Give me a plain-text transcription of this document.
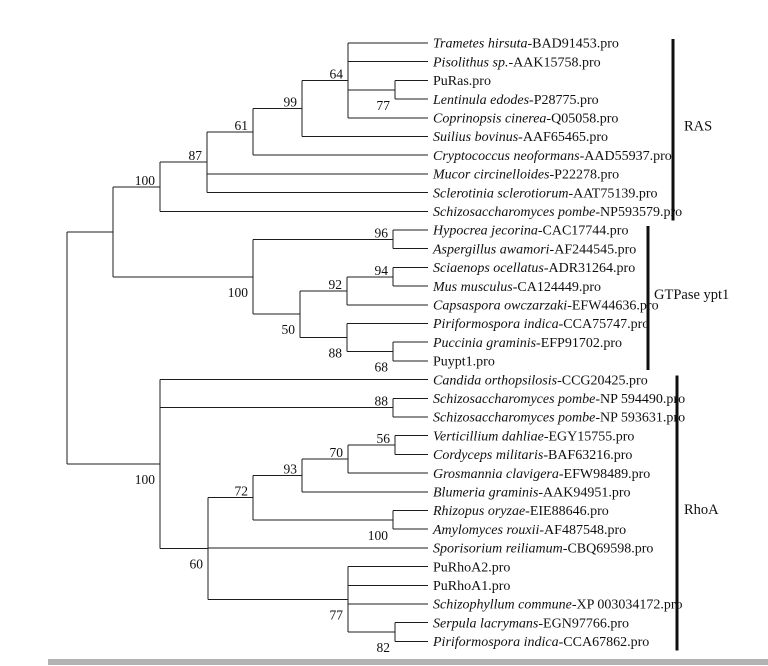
77
64
99
61
87
100
96
94
92
68
88
50
100
88
56
70
93
100
72
82
77
60
100
Trametes hirsuta-BAD91453.pro
Pisolithus sp.-AAK15758.pro
PuRas.pro
Lentinula edodes-P28775.pro
Coprinopsis cinerea-Q05058.pro
Suilius bovinus-AAF65465.pro
Cryptococcus neoformans-AAD55937.pro
Mucor circinelloides-P22278.pro
Sclerotinia sclerotiorum-AAT75139.pro
Schizosaccharomyces pombe-NP593579.pro
Hypocrea jecorina-CAC17744.pro
Aspergillus awamori-AF244545.pro
Sciaenops ocellatus-ADR31264.pro
Mus musculus-CA124449.pro
Capsaspora owczarzaki-EFW44636.pro
Piriformospora indica-CCA75747.pro
Puccinia graminis-EFP91702.pro
Puypt1.pro
Candida orthopsilosis-CCG20425.pro
Schizosaccharomyces pombe-NP 594490.pro
Schizosaccharomyces pombe-NP 593631.pro
Verticillium dahliae-EGY15755.pro
Cordyceps militaris-BAF63216.pro
Grosmannia clavigera-EFW98489.pro
Blumeria graminis-AAK94951.pro
Rhizopus oryzae-EIE88646.pro
Amylomyces rouxii-AF487548.pro
Sporisorium reiliamum-CBQ69598.pro
PuRhoA2.pro
PuRhoA1.pro
Schizophyllum commune-XP 003034172.pro
Serpula lacrymans-EGN97766.pro
Piriformospora indica-CCA67862.pro
RAS
GTPase ypt1
RhoA
